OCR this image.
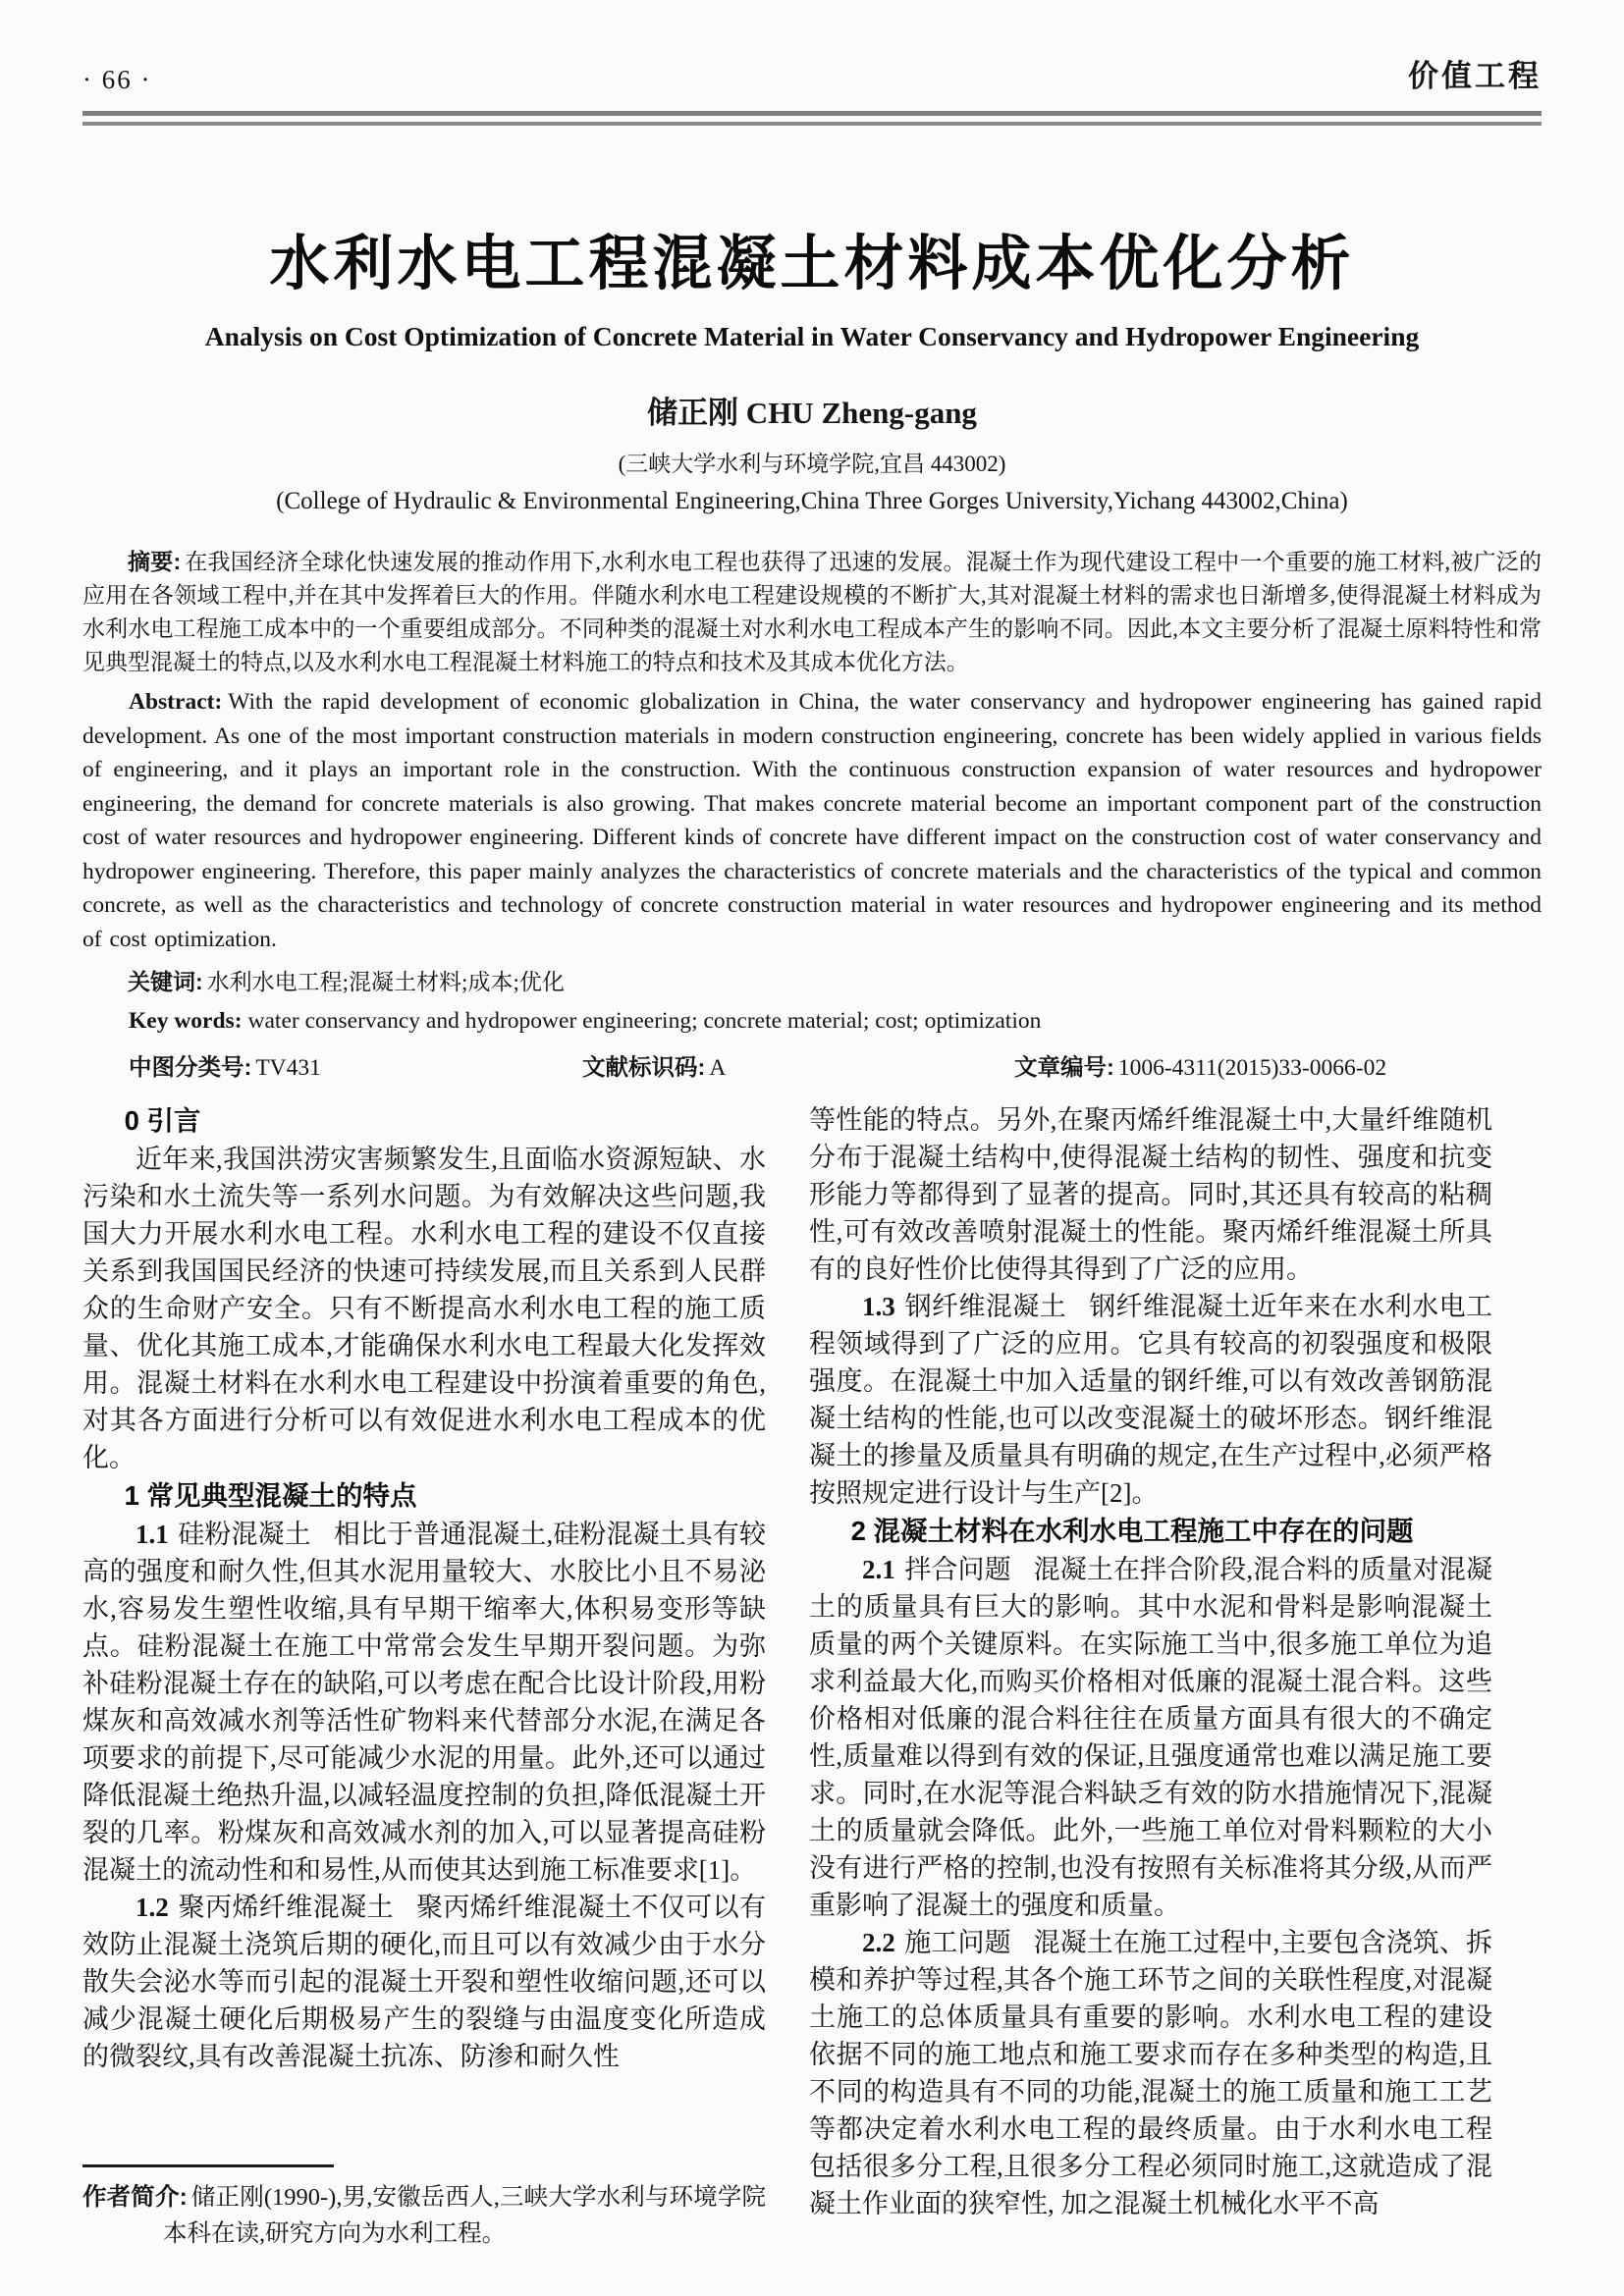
· 66 ·	价值工程
水利水电工程混凝土材料成本优化分析
Analysis on Cost Optimization of Concrete Material in Water Conservancy and Hydropower Engineering
储正刚 CHU Zheng-gang
(三峡大学水利与环境学院,宜昌 443002)
(College of Hydraulic & Environmental Engineering,China Three Gorges University,Yichang 443002,China)

摘要: 在我国经济全球化快速发展的推动作用下,水利水电工程也获得了迅速的发展。混凝土作为现代建设工程中一个重要的施工材料,被广泛的应用在各领域工程中,并在其中发挥着巨大的作用。伴随水利水电工程建设规模的不断扩大,其对混凝土材料的需求也日渐增多,使得混凝土材料成为水利水电工程施工成本中的一个重要组成部分。不同种类的混凝土对水利水电工程成本产生的影响不同。因此,本文主要分析了混凝土原料特性和常见典型混凝土的特点,以及水利水电工程混凝土材料施工的特点和技术及其成本优化方法。

Abstract: With the rapid development of economic globalization in China, the water conservancy and hydropower engineering has gained rapid development. As one of the most important construction materials in modern construction engineering, concrete has been widely applied in various fields of engineering, and it plays an important role in the construction. With the continuous construction expansion of water resources and hydropower engineering, the demand for concrete materials is also growing. That makes concrete material become an important component part of the construction cost of water resources and hydropower engineering. Different kinds of concrete have different impact on the construction cost of water conservancy and hydropower engineering. Therefore, this paper mainly analyzes the characteristics of concrete materials and the characteristics of the typical and common concrete, as well as the characteristics and technology of concrete construction material in water resources and hydropower engineering and its method of cost optimization.

关键词: 水利水电工程;混凝土材料;成本;优化

Key words: water conservancy and hydropower engineering; concrete material; cost; optimization

中图分类号: TV431	文献标识码: A	文章编号: 1006-4311(2015)33-0066-02
0 引言

近年来,我国洪涝灾害频繁发生,且面临水资源短缺、水污染和水土流失等一系列水问题。为有效解决这些问题,我国大力开展水利水电工程。水利水电工程的建设不仅直接关系到我国国民经济的快速可持续发展,而且关系到人民群众的生命财产安全。只有不断提高水利水电工程的施工质量、优化其施工成本,才能确保水利水电工程最大化发挥效用。混凝土材料在水利水电工程建设中扮演着重要的角色,对其各方面进行分析可以有效促进水利水电工程成本的优化。

1 常见典型混凝土的特点

1.1 硅粉混凝土 相比于普通混凝土,硅粉混凝土具有较高的强度和耐久性,但其水泥用量较大、水胶比小且不易泌水,容易发生塑性收缩,具有早期干缩率大,体积易变形等缺点。硅粉混凝土在施工中常常会发生早期开裂问题。为弥补硅粉混凝土存在的缺陷,可以考虑在配合比设计阶段,用粉煤灰和高效减水剂等活性矿物料来代替部分水泥,在满足各项要求的前提下,尽可能减少水泥的用量。此外,还可以通过降低混凝土绝热升温,以减轻温度控制的负担,降低混凝土开裂的几率。粉煤灰和高效减水剂的加入,可以显著提高硅粉混凝土的流动性和和易性,从而使其达到施工标准要求[1]。

1.2 聚丙烯纤维混凝土 聚丙烯纤维混凝土不仅可以有效防止混凝土浇筑后期的硬化,而且可以有效减少由于水分散失会泌水等而引起的混凝土开裂和塑性收缩问题,还可以减少混凝土硬化后期极易产生的裂缝与由温度变化所造成的微裂纹,具有改善混凝土抗冻、防渗和耐久性

作者简介: 储正刚(1990-),男,安徽岳西人,三峡大学水利与环境学院本科在读,研究方向为水利工程。

等性能的特点。另外,在聚丙烯纤维混凝土中,大量纤维随机分布于混凝土结构中,使得混凝土结构的韧性、强度和抗变形能力等都得到了显著的提高。同时,其还具有较高的粘稠性,可有效改善喷射混凝土的性能。聚丙烯纤维混凝土所具有的良好性价比使得其得到了广泛的应用。

1.3 钢纤维混凝土 钢纤维混凝土近年来在水利水电工程领域得到了广泛的应用。它具有较高的初裂强度和极限强度。在混凝土中加入适量的钢纤维,可以有效改善钢筋混凝土结构的性能,也可以改变混凝土的破坏形态。钢纤维混凝土的掺量及质量具有明确的规定,在生产过程中,必须严格按照规定进行设计与生产[2]。

2 混凝土材料在水利水电工程施工中存在的问题

2.1 拌合问题 混凝土在拌合阶段,混合料的质量对混凝土的质量具有巨大的影响。其中水泥和骨料是影响混凝土质量的两个关键原料。在实际施工当中,很多施工单位为追求利益最大化,而购买价格相对低廉的混凝土混合料。这些价格相对低廉的混合料往往在质量方面具有很大的不确定性,质量难以得到有效的保证,且强度通常也难以满足施工要求。同时,在水泥等混合料缺乏有效的防水措施情况下,混凝土的质量就会降低。此外,一些施工单位对骨料颗粒的大小没有进行严格的控制,也没有按照有关标准将其分级,从而严重影响了混凝土的强度和质量。

2.2 施工问题 混凝土在施工过程中,主要包含浇筑、拆模和养护等过程,其各个施工环节之间的关联性程度,对混凝土施工的总体质量具有重要的影响。水利水电工程的建设依据不同的施工地点和施工要求而存在多种类型的构造,且不同的构造具有不同的功能,混凝土的施工质量和施工工艺等都决定着水利水电工程的最终质量。由于水利水电工程包括很多分工程,且很多分工程必须同时施工,这就造成了混凝土作业面的狭窄性, 加之混凝土机械化水平不高
